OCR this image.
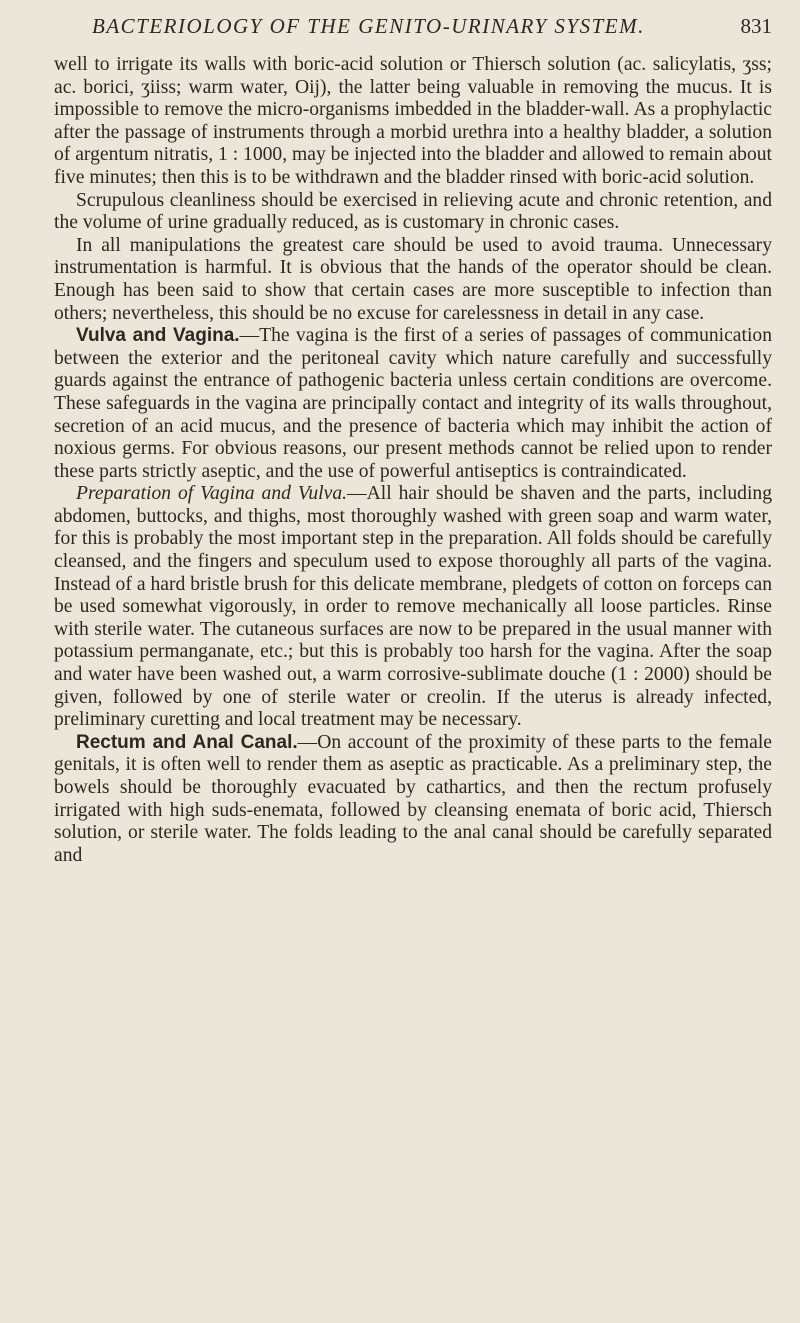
BACTERIOLOGY OF THE GENITO-URINARY SYSTEM.	831

well to irrigate its walls with boric-acid solution or Thiersch solution (ac. salicylatis, ʒss; ac. borici, ʒiiss; warm water, Oij), the latter being valuable in removing the mucus. It is impossible to remove the micro-organisms imbedded in the bladder-wall. As a prophylactic after the passage of instruments through a morbid urethra into a healthy bladder, a solution of argentum nitratis, 1 : 1000, may be injected into the bladder and allowed to remain about five minutes; then this is to be withdrawn and the bladder rinsed with boric-acid solution.

Scrupulous cleanliness should be exercised in relieving acute and chronic retention, and the volume of urine gradually reduced, as is customary in chronic cases.

In all manipulations the greatest care should be used to avoid trauma. Unnecessary instrumentation is harmful. It is obvious that the hands of the operator should be clean. Enough has been said to show that certain cases are more susceptible to infection than others; nevertheless, this should be no excuse for carelessness in detail in any case.

Vulva and Vagina.—The vagina is the first of a series of passages of communication between the exterior and the peritoneal cavity which nature carefully and successfully guards against the entrance of pathogenic bacteria unless certain conditions are overcome. These safeguards in the vagina are principally contact and integrity of its walls throughout, secretion of an acid mucus, and the presence of bacteria which may inhibit the action of noxious germs. For obvious reasons, our present methods cannot be relied upon to render these parts strictly aseptic, and the use of powerful antiseptics is contraindicated.

Preparation of Vagina and Vulva.—All hair should be shaven and the parts, including abdomen, buttocks, and thighs, most thoroughly washed with green soap and warm water, for this is probably the most important step in the preparation. All folds should be carefully cleansed, and the fingers and speculum used to expose thoroughly all parts of the vagina. Instead of a hard bristle brush for this delicate membrane, pledgets of cotton on forceps can be used somewhat vigorously, in order to remove mechanically all loose particles. Rinse with sterile water. The cutaneous surfaces are now to be prepared in the usual manner with potassium permanganate, etc.; but this is probably too harsh for the vagina. After the soap and water have been washed out, a warm corrosive-sublimate douche (1 : 2000) should be given, followed by one of sterile water or creolin. If the uterus is already infected, preliminary curetting and local treatment may be necessary.

Rectum and Anal Canal.—On account of the proximity of these parts to the female genitals, it is often well to render them as aseptic as practicable. As a preliminary step, the bowels should be thoroughly evacuated by cathartics, and then the rectum profusely irrigated with high suds-enemata, followed by cleansing enemata of boric acid, Thiersch solution, or sterile water. The folds leading to the anal canal should be carefully separated and
